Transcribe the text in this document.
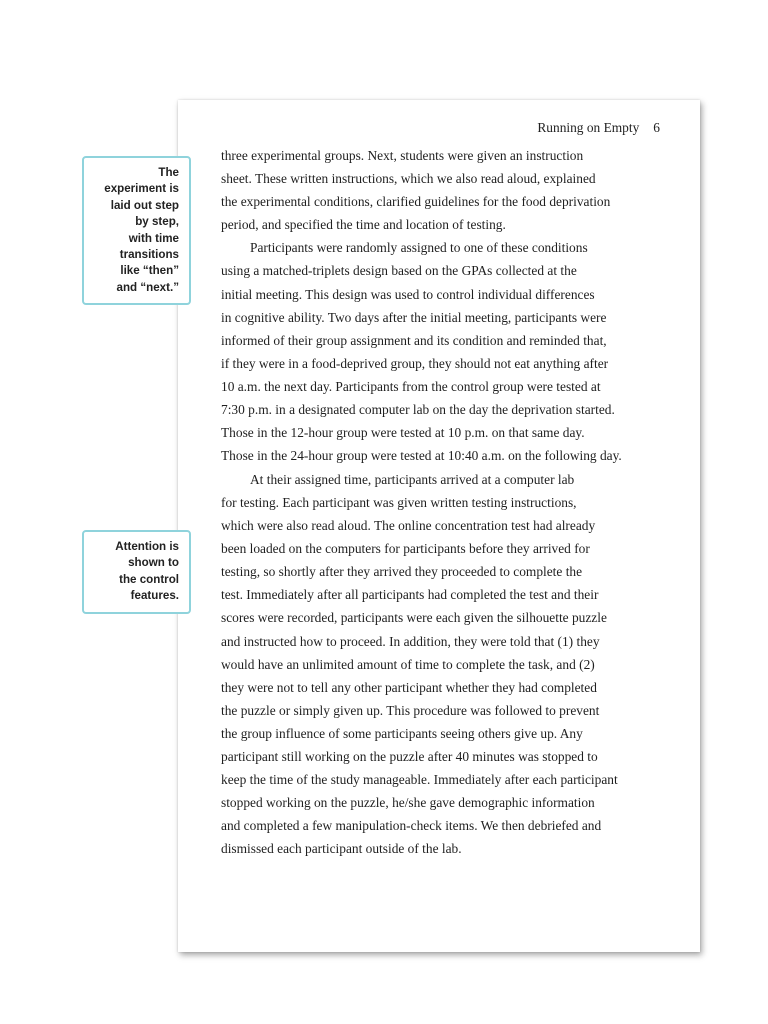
Running on Empty 6
three experimental groups. Next, students were given an instruction
sheet. These written instructions, which we also read aloud, explained
the experimental conditions, clarified guidelines for the food deprivation
period, and specified the time and location of testing.
Participants were randomly assigned to one of these conditions
using a matched-triplets design based on the GPAs collected at the
initial meeting. This design was used to control individual differences
in cognitive ability. Two days after the initial meeting, participants were
informed of their group assignment and its condition and reminded that,
if they were in a food-deprived group, they should not eat anything after
10 a.m. the next day. Participants from the control group were tested at
7:30 p.m. in a designated computer lab on the day the deprivation started.
Those in the 12-hour group were tested at 10 p.m. on that same day.
Those in the 24-hour group were tested at 10:40 a.m. on the following day.
At their assigned time, participants arrived at a computer lab
for testing. Each participant was given written testing instructions,
which were also read aloud. The online concentration test had already
been loaded on the computers for participants before they arrived for
testing, so shortly after they arrived they proceeded to complete the
test. Immediately after all participants had completed the test and their
scores were recorded, participants were each given the silhouette puzzle
and instructed how to proceed. In addition, they were told that (1) they
would have an unlimited amount of time to complete the task, and (2)
they were not to tell any other participant whether they had completed
the puzzle or simply given up. This procedure was followed to prevent
the group influence of some participants seeing others give up. Any
participant still working on the puzzle after 40 minutes was stopped to
keep the time of the study manageable. Immediately after each participant
stopped working on the puzzle, he/she gave demographic information
and completed a few manipulation-check items. We then debriefed and
dismissed each participant outside of the lab.
The
experiment is
laid out step
by step,
with time
transitions
like “then”
and “next.”
Attention is
shown to
the control
features.
